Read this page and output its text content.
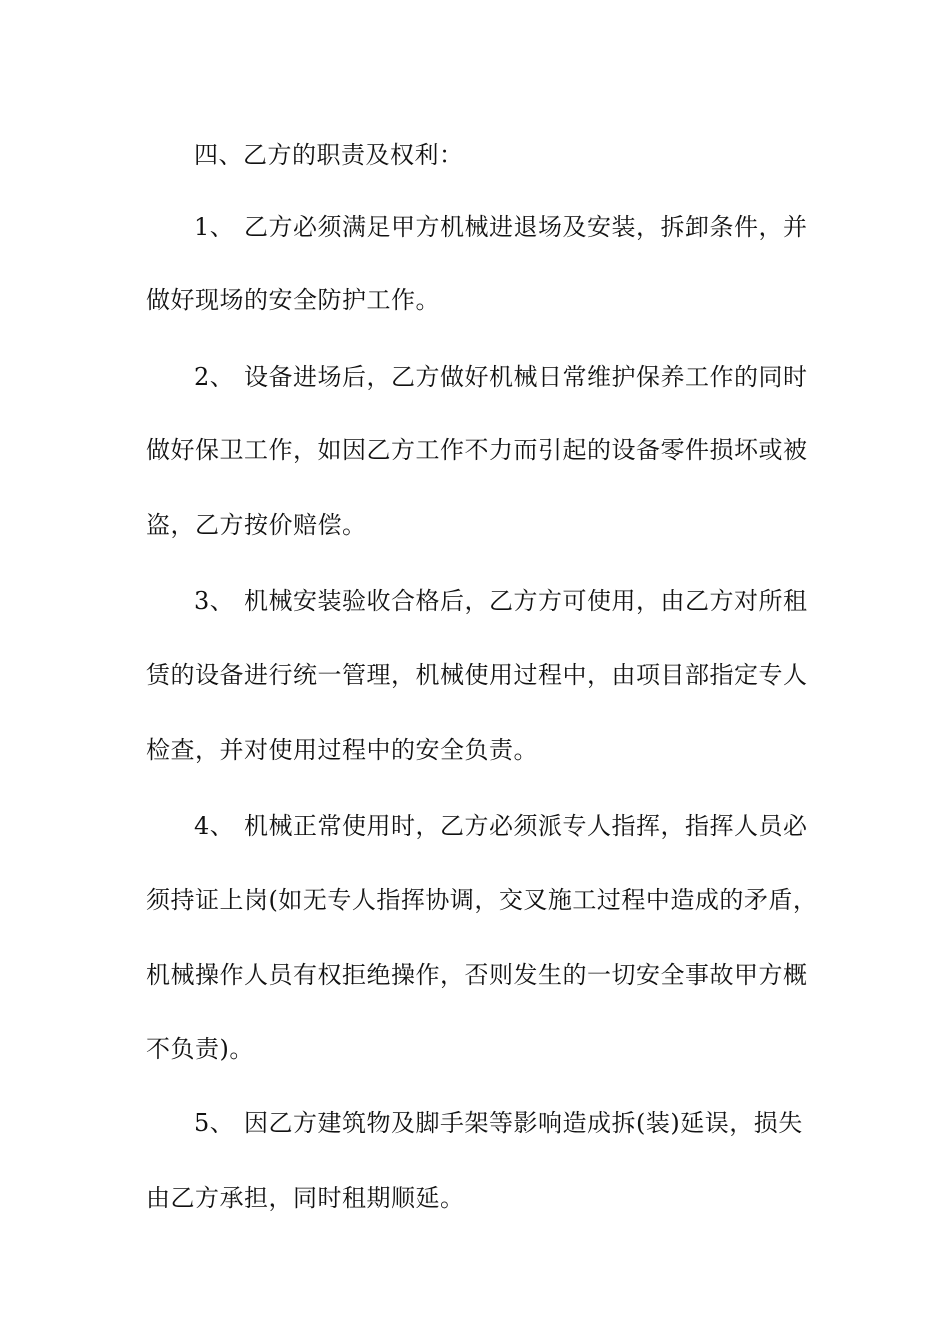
四、乙方的职责及权利：
1、 乙方必须满足甲方机械进退场及安装，拆卸条件，并
做好现场的安全防护工作。
2、 设备进场后，乙方做好机械日常维护保养工作的同时
做好保卫工作，如因乙方工作不力而引起的设备零件损坏或被
盗，乙方按价赔偿。
3、 机械安装验收合格后，乙方方可使用，由乙方对所租
赁的设备进行统一管理，机械使用过程中，由项目部指定专人
检查，并对使用过程中的安全负责。
4、 机械正常使用时，乙方必须派专人指挥，指挥人员必
须持证上岗(如无专人指挥协调，交叉施工过程中造成的矛盾，
机械操作人员有权拒绝操作，否则发生的一切安全事故甲方概
不负责)。
5、 因乙方建筑物及脚手架等影响造成拆(装)延误，损失
由乙方承担，同时租期顺延。
